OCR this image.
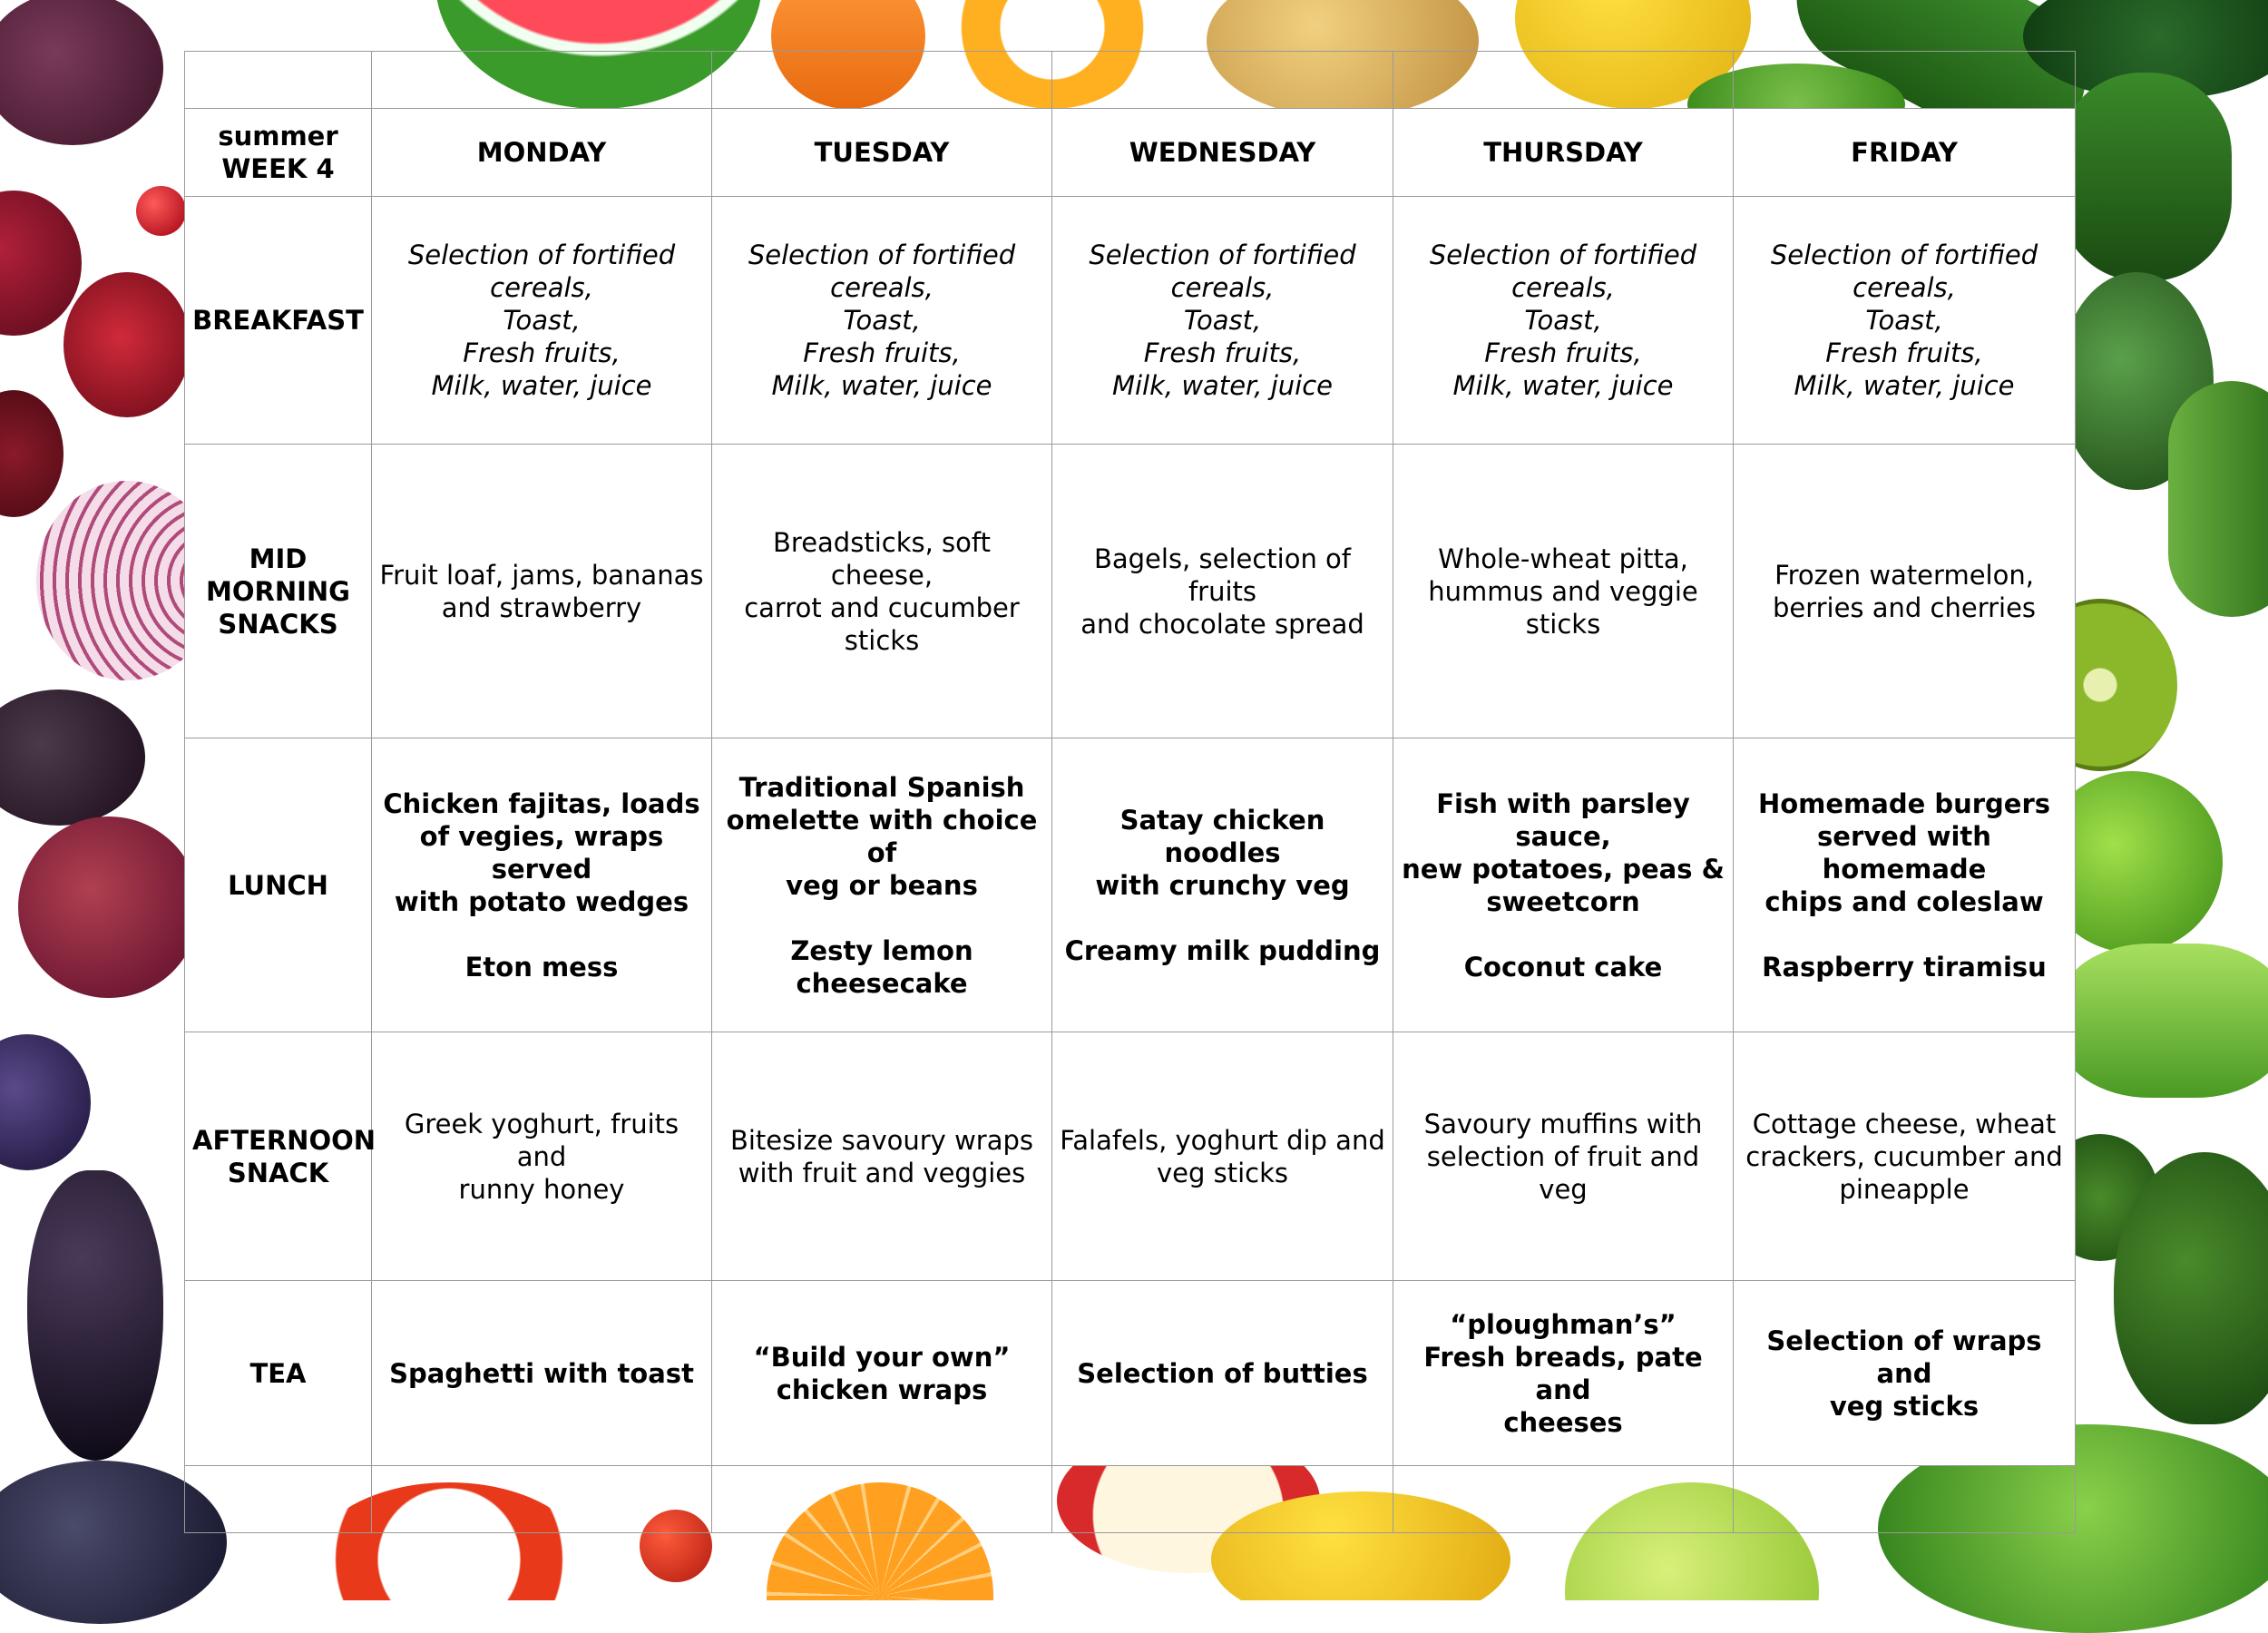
summer
WEEK 4	MONDAY	TUESDAY	WEDNESDAY	THURSDAY	FRIDAY
BREAKFAST	Selection of fortified
cereals,
Toast,
Fresh fruits,
Milk, water, juice	Selection of fortified
cereals,
Toast,
Fresh fruits,
Milk, water, juice	Selection of fortified
cereals,
Toast,
Fresh fruits,
Milk, water, juice	Selection of fortified
cereals,
Toast,
Fresh fruits,
Milk, water, juice	Selection of fortified
cereals,
Toast,
Fresh fruits,
Milk, water, juice

MID
MORNING
SNACKS	Fruit loaf, jams, bananas
and strawberry	Breadsticks, soft cheese,
carrot and cucumber sticks	Bagels, selection of fruits
and chocolate spread	Whole-wheat pitta,
hummus and veggie sticks	Frozen watermelon,
berries and cherries

LUNCH	Chicken fajitas, loads
of vegies, wraps served
with potato wedges

Eton mess	Traditional Spanish
omelette with choice of
veg or beans

Zesty lemon
cheesecake	Satay chicken noodles
with crunchy veg

Creamy milk pudding	Fish with parsley sauce,
new potatoes, peas &
sweetcorn

Coconut cake	Homemade burgers
served with homemade
chips and coleslaw

Raspberry tiramisu

AFTERNOON
SNACK	Greek yoghurt, fruits and
runny honey	Bitesize savoury wraps
with fruit and veggies	Falafels, yoghurt dip and
veg sticks	Savoury muffins with
selection of fruit and veg	Cottage cheese, wheat
crackers, cucumber and
pineapple

TEA	Spaghetti with toast	“Build your own”
chicken wraps	Selection of butties	“ploughman’s”
Fresh breads, pate and
cheeses	Selection of wraps and
veg sticks
